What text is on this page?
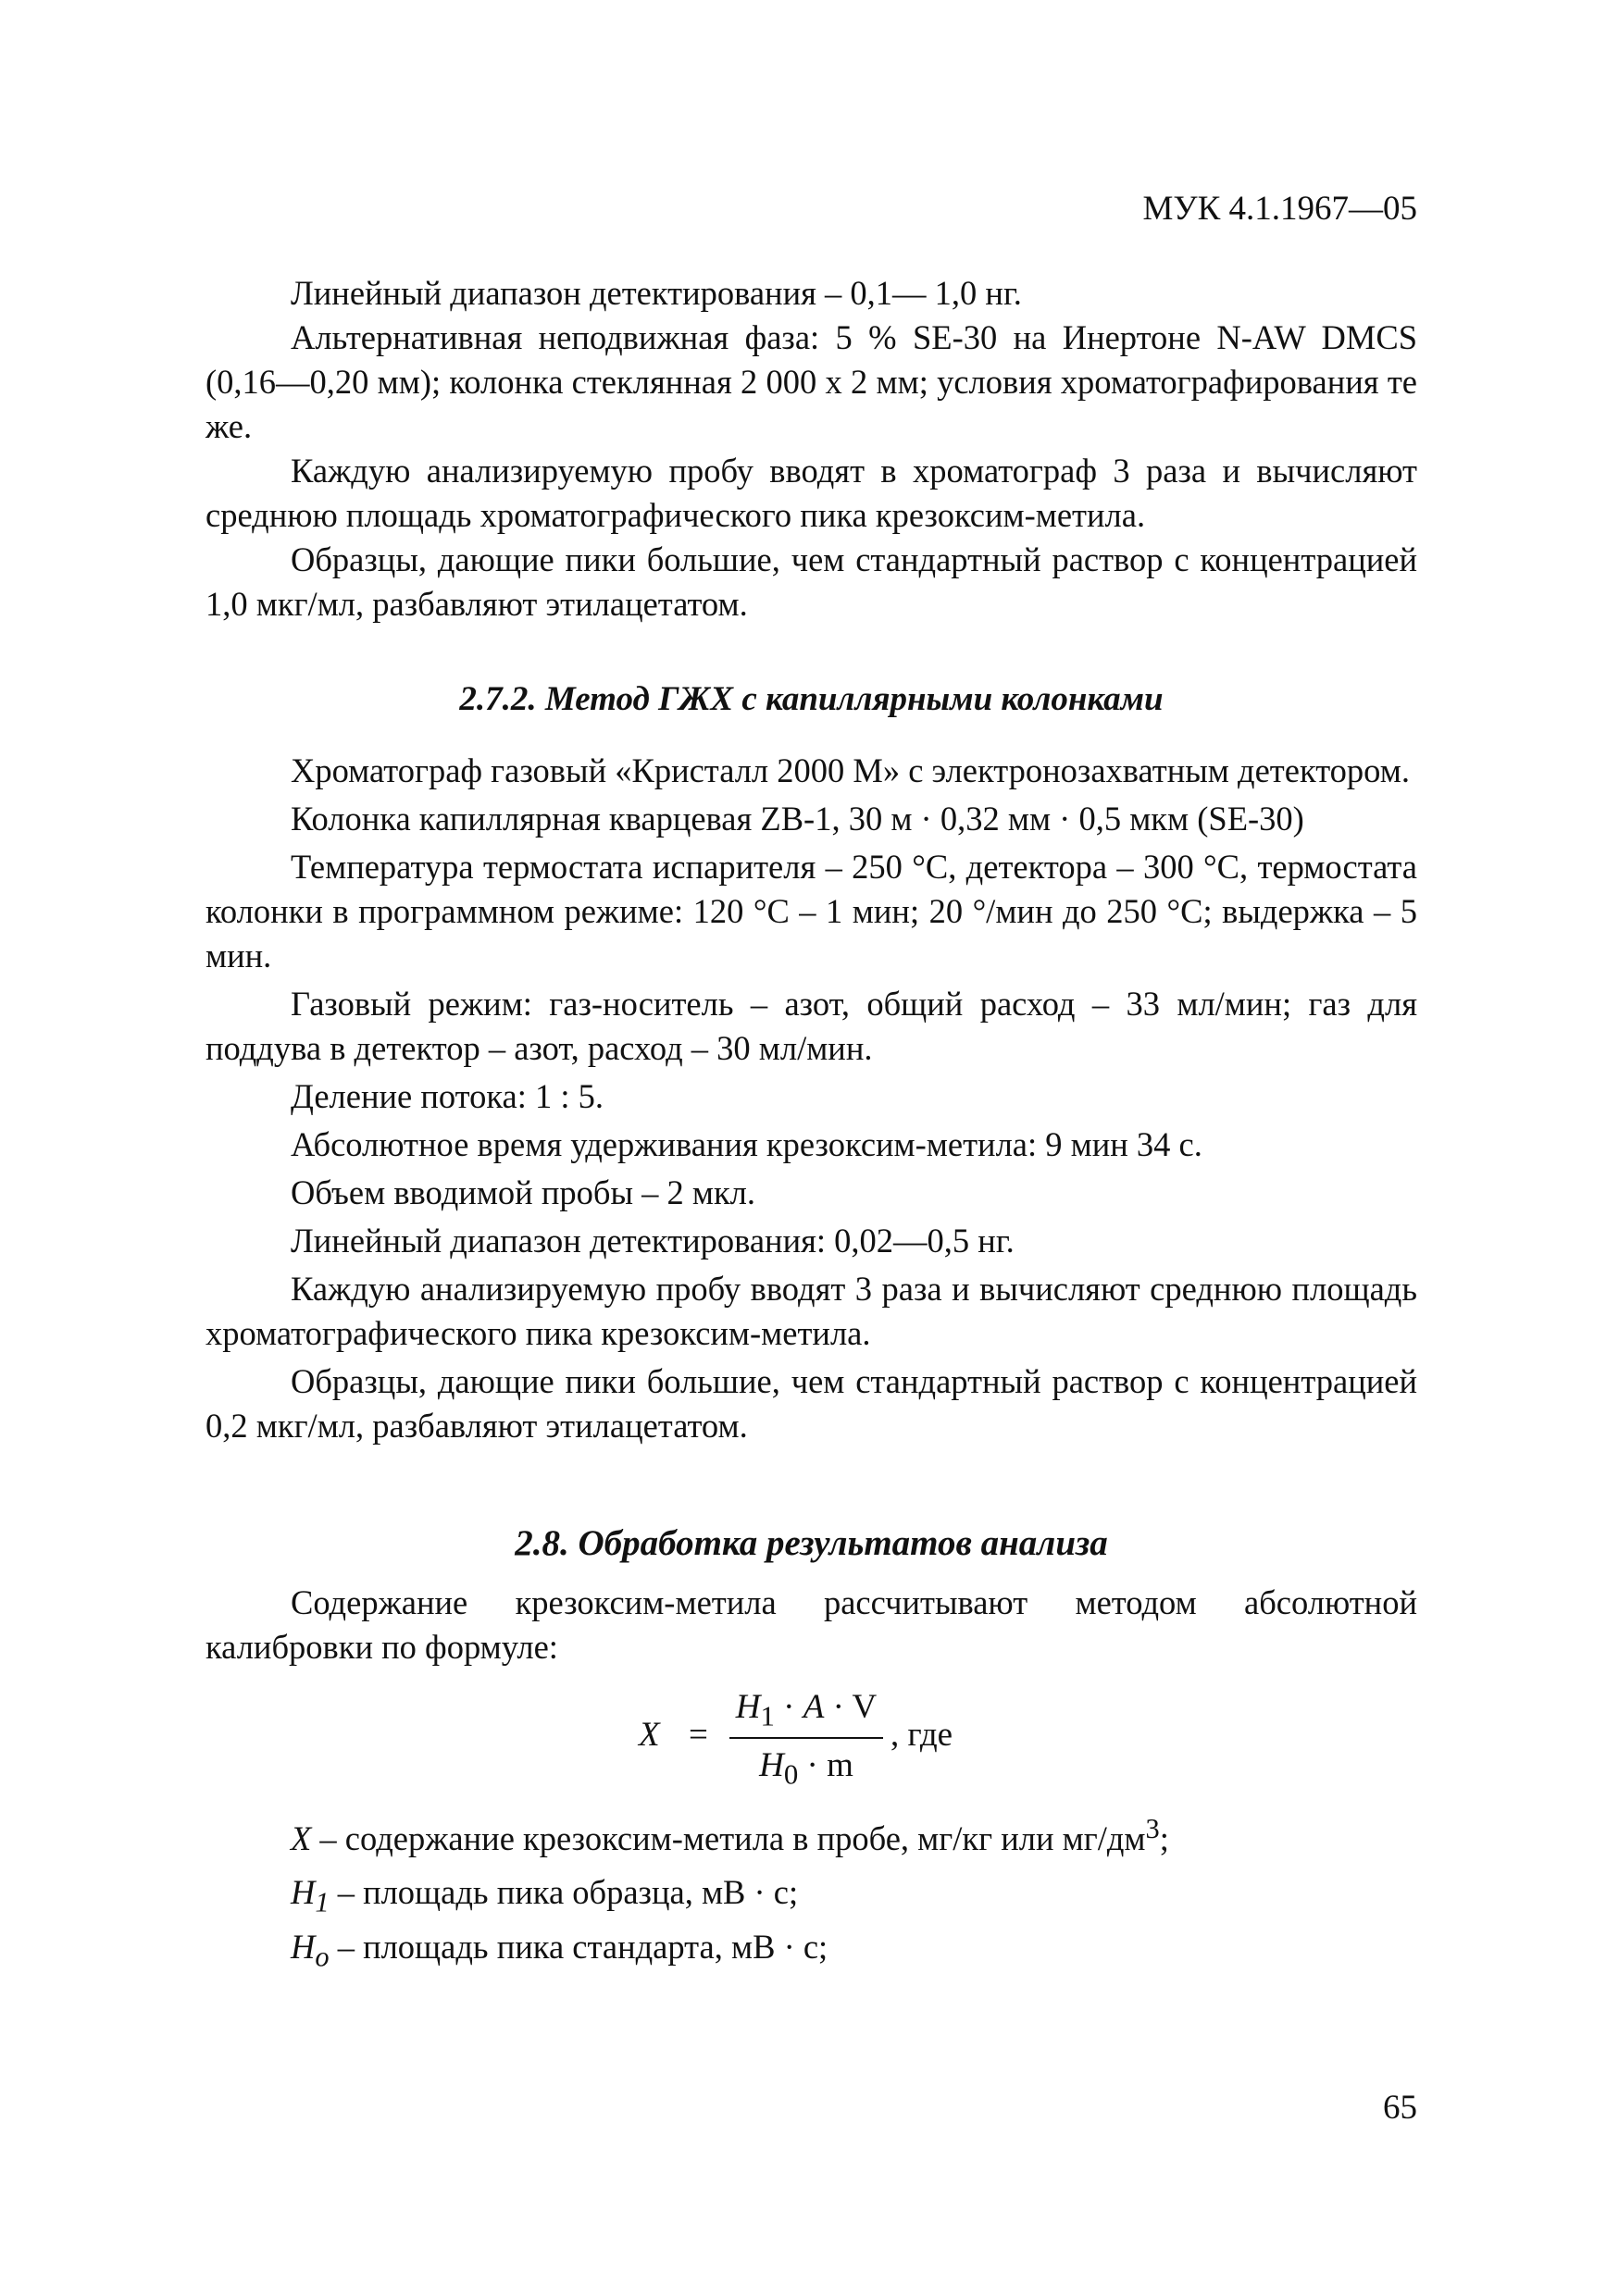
МУК 4.1.1967—05

Линейный диапазон детектирования – 0,1— 1,0 нг.

Альтернативная неподвижная фаза: 5 % SE-30 на Инертоне N-AW DMCS (0,16—0,20 мм); колонка стеклянная 2 000 х 2 мм; условия хроматографирования те же.

Каждую анализируемую пробу вводят в хроматограф 3 раза и вычисляют среднюю площадь хроматографического пика крезоксим-метила.

Образцы, дающие пики большие, чем стандартный раствор с концентрацией 1,0 мкг/мл, разбавляют этилацетатом.

2.7.2. Метод ГЖХ с капиллярными колонками

Хроматограф газовый «Кристалл 2000 М» с электронозахватным детектором.

Колонка капиллярная кварцевая ZB-1, 30 м · 0,32 мм · 0,5 мкм (SE-30)

Температура термостата испарителя – 250 °С, детектора – 300 °С, термостата колонки в программном режиме: 120 °С – 1 мин; 20 °/мин до 250 °С; выдержка – 5 мин.

Газовый режим: газ-носитель – азот, общий расход – 33 мл/мин; газ для поддува в детектор – азот, расход – 30 мл/мин.

Деление потока: 1 : 5.

Абсолютное время удерживания крезоксим-метила: 9 мин 34 с.

Объем вводимой пробы – 2 мкл.

Линейный диапазон детектирования: 0,02—0,5 нг.

Каждую анализируемую пробу вводят 3 раза и вычисляют среднюю площадь хроматографического пика крезоксим-метила.

Образцы, дающие пики большие, чем стандартный раствор с концентрацией 0,2 мкг/мл, разбавляют этилацетатом.

2.8. Обработка результатов анализа

Содержание крезоксим-метила рассчитывают методом абсолютной калибровки по формуле:

X =
$H_1 \cdot A \cdot V$
$H_0 \cdot m$
, где

X – содержание крезоксим-метила в пробе, мг/кг или $мг/дм^3$;

$H_1$ – площадь пика образца, мВ · с;

$H_o$ – площадь пика стандарта, мВ · с;

65
